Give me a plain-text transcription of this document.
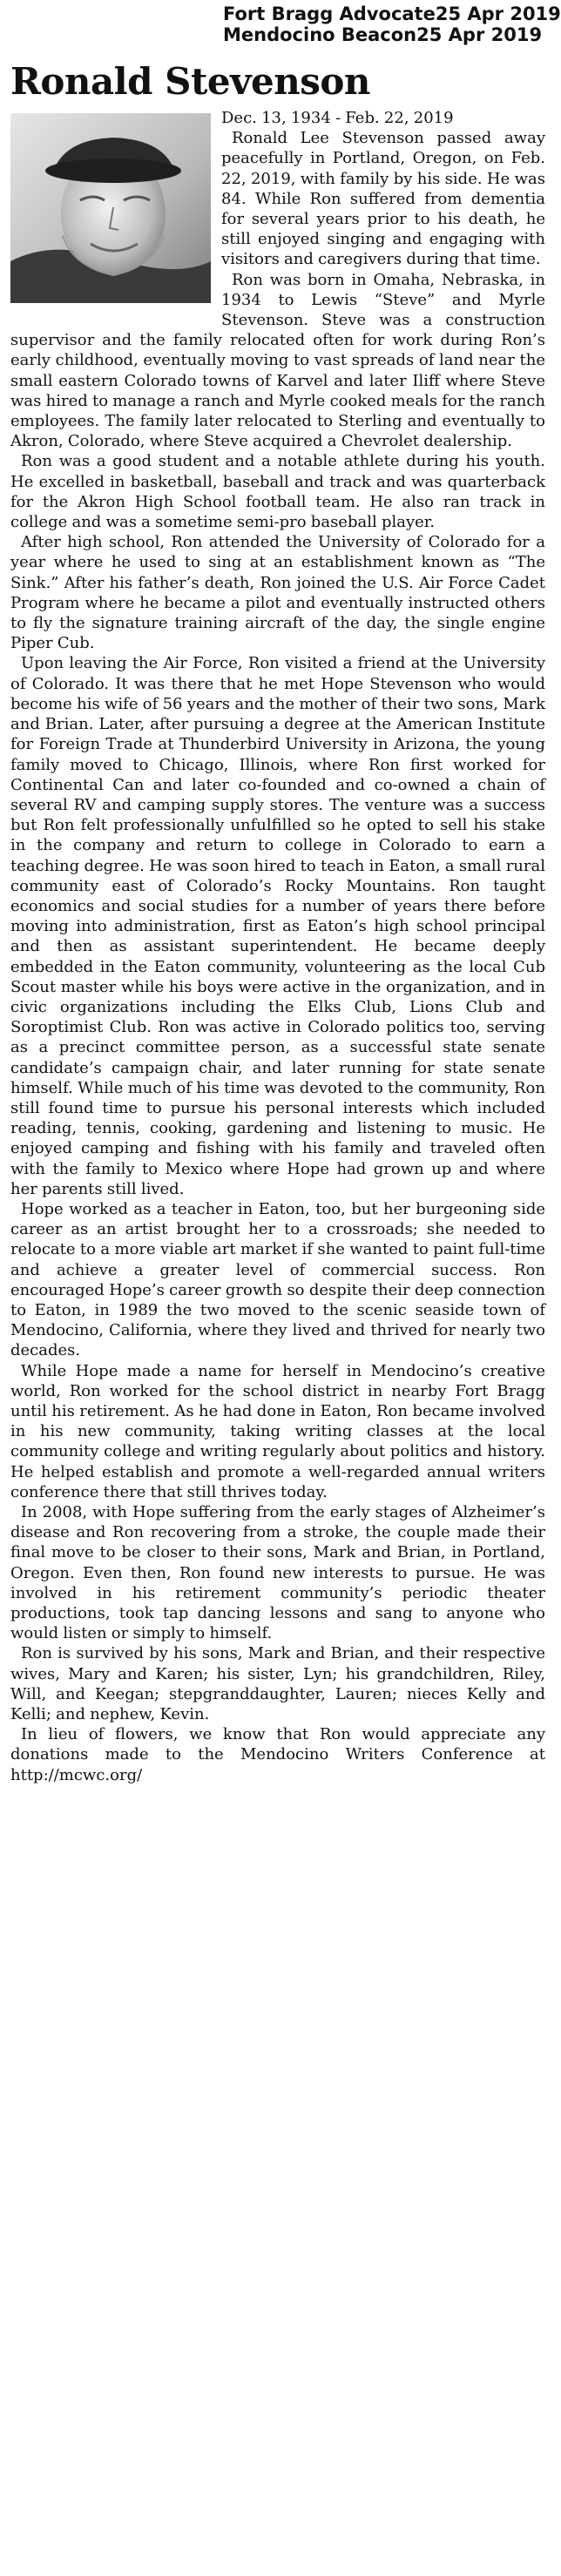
Fort Bragg Advocate 25 Apr 2019
Mendocino Beacon 25 Apr 2019
Ronald Stevenson

Dec. 13, 1934 - Feb. 22, 2019

Ronald Lee Stevenson passed away peacefully in Portland, Oregon, on Feb. 22, 2019, with family by his side. He was 84. While Ron suffered from dementia for several years prior to his death, he still enjoyed singing and engaging with visitors and caregivers during that time.

Ron was born in Omaha, Nebraska, in 1934 to Lewis “Steve” and Myrle Stevenson. Steve was a construction supervisor and the family relocated often for work during Ron’s early childhood, eventually moving to vast spreads of land near the small eastern Colorado towns of Karvel and later Iliff where Steve was hired to manage a ranch and Myrle cooked meals for the ranch employees. The family later relocated to Sterling and eventually to Akron, Colorado, where Steve acquired a Chevrolet dealership.

Ron was a good student and a notable athlete during his youth. He excelled in basketball, baseball and track and was quarterback for the Akron High School football team. He also ran track in college and was a sometime semi-pro baseball player.

After high school, Ron attended the University of Colorado for a year where he used to sing at an establishment known as “The Sink.” After his father’s death, Ron joined the U.S. Air Force Cadet Program where he became a pilot and eventually instructed others to fly the signature training aircraft of the day, the single engine Piper Cub.

Upon leaving the Air Force, Ron visited a friend at the University of Colorado. It was there that he met Hope Stevenson who would become his wife of 56 years and the mother of their two sons, Mark and Brian. Later, after pursuing a degree at the American Institute for Foreign Trade at Thunderbird University in Arizona, the young family moved to Chicago, Illinois, where Ron first worked for Continental Can and later co-founded and co-owned a chain of several RV and camping supply stores. The venture was a success but Ron felt professionally unfulfilled so he opted to sell his stake in the company and return to college in Colorado to earn a teaching degree. He was soon hired to teach in Eaton, a small rural community east of Colorado’s Rocky Mountains. Ron taught economics and social studies for a number of years there before moving into administration, first as Eaton’s high school principal and then as assistant superintendent. He became deeply embedded in the Eaton community, volunteering as the local Cub Scout master while his boys were active in the organization, and in civic organizations including the Elks Club, Lions Club and Soroptimist Club. Ron was active in Colorado politics too, serving as a precinct committee person, as a successful state senate candidate’s campaign chair, and later running for state senate himself. While much of his time was devoted to the community, Ron still found time to pursue his personal interests which included reading, tennis, cooking, gardening and listening to music. He enjoyed camping and fishing with his family and traveled often with the family to Mexico where Hope had grown up and where her parents still lived.

Hope worked as a teacher in Eaton, too, but her burgeoning side career as an artist brought her to a crossroads; she needed to relocate to a more viable art market if she wanted to paint full-time and achieve a greater level of commercial success. Ron encouraged Hope’s career growth so despite their deep connection to Eaton, in 1989 the two moved to the scenic seaside town of Mendocino, California, where they lived and thrived for nearly two decades.

While Hope made a name for herself in Mendocino’s creative world, Ron worked for the school district in nearby Fort Bragg until his retirement. As he had done in Eaton, Ron became involved in his new community, taking writing classes at the local community college and writing regularly about politics and history. He helped establish and promote a well-regarded annual writers conference there that still thrives today.

In 2008, with Hope suffering from the early stages of Alzheimer’s disease and Ron recovering from a stroke, the couple made their final move to be closer to their sons, Mark and Brian, in Portland, Oregon. Even then, Ron found new interests to pursue. He was involved in his retirement community’s periodic theater productions, took tap dancing lessons and sang to anyone who would listen or simply to himself.

Ron is survived by his sons, Mark and Brian, and their respective wives, Mary and Karen; his sister, Lyn; his grandchildren, Riley, Will, and Keegan; stepgranddaughter, Lauren; nieces Kelly and Kelli; and nephew, Kevin.

In lieu of flowers, we know that Ron would appreciate any donations made to the Mendocino Writers Conference at http://mcwc.org/
